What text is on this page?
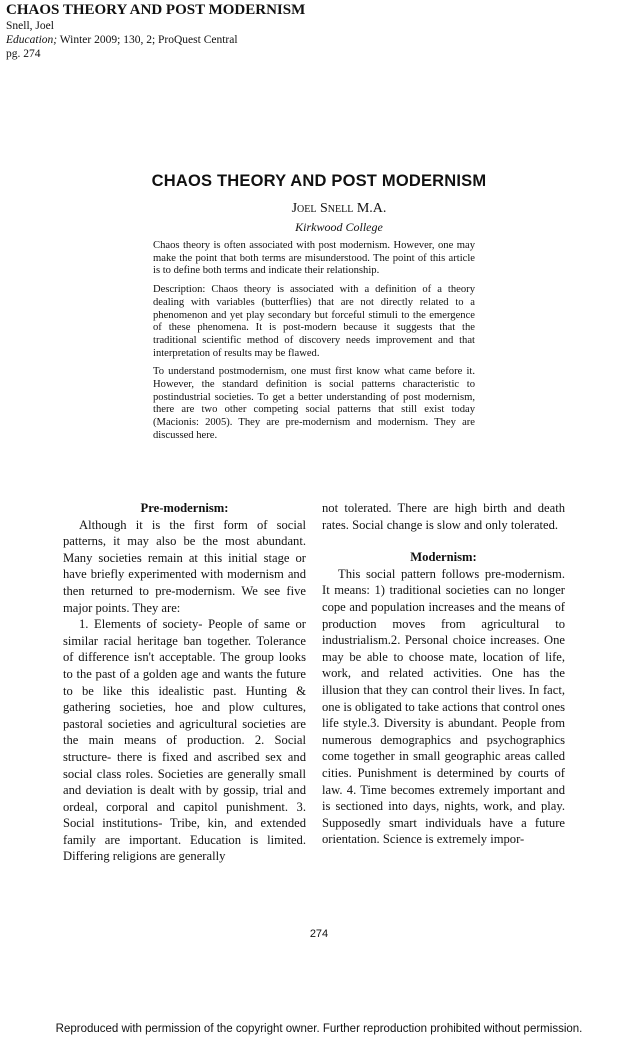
CHAOS THEORY AND POST MODERNISM
Snell, Joel
Education; Winter 2009; 130, 2; ProQuest Central
pg. 274
CHAOS THEORY AND POST MODERNISM
Joel Snell M.A.
Kirkwood College

Chaos theory is often associated with post modernism. However, one may make the point that both terms are misunderstood. The point of this article is to define both terms and indicate their relationship.

Description: Chaos theory is associated with a definition of a theory dealing with variables (butterflies) that are not directly related to a phenomenon and yet play secondary but forceful stimuli to the emergence of these phenomena. It is post-modern because it suggests that the traditional scientific method of discovery needs improvement and that interpretation of results may be flawed.

To understand postmodernism, one must first know what came before it. However, the standard definition is social patterns characteristic to postindustrial societies. To get a better understanding of post modernism, there are two other competing social patterns that still exist today (Macionis: 2005). They are pre-modernism and modernism. They are discussed here.

Pre-modernism:

Although it is the first form of social patterns, it may also be the most abundant. Many societies remain at this initial stage or have briefly experimented with modernism and then returned to pre-modernism. We see five major points. They are:

1. Elements of society- People of same or similar racial heritage ban together. Tolerance of difference isn't acceptable. The group looks to the past of a golden age and wants the future to be like this idealistic past. Hunting & gathering societies, hoe and plow cultures, pastoral societies and agricultural societies are the main means of production. 2. Social structure- there is fixed and ascribed sex and social class roles. Societies are generally small and deviation is dealt with by gossip, trial and ordeal, corporal and capitol punishment. 3. Social institutions- Tribe, kin, and extended family are important. Education is limited. Differing religions are generally

not tolerated. There are high birth and death rates. Social change is slow and only tolerated.

Modernism:

This social pattern follows pre-modernism. It means: 1) traditional societies can no longer cope and population increases and the means of production moves from agricultural to industrialism.2. Personal choice increases. One may be able to choose mate, location of life, work, and related activities. One has the illusion that they can control their lives. In fact, one is obligated to take actions that control ones life style.3. Diversity is abundant. People from numerous demographics and psychographics come together in small geographic areas called cities. Punishment is determined by courts of law. 4. Time becomes extremely important and is sectioned into days, nights, work, and play. Supposedly smart individuals have a future orientation. Science is extremely impor-

274
Reproduced with permission of the copyright owner. Further reproduction prohibited without permission.
